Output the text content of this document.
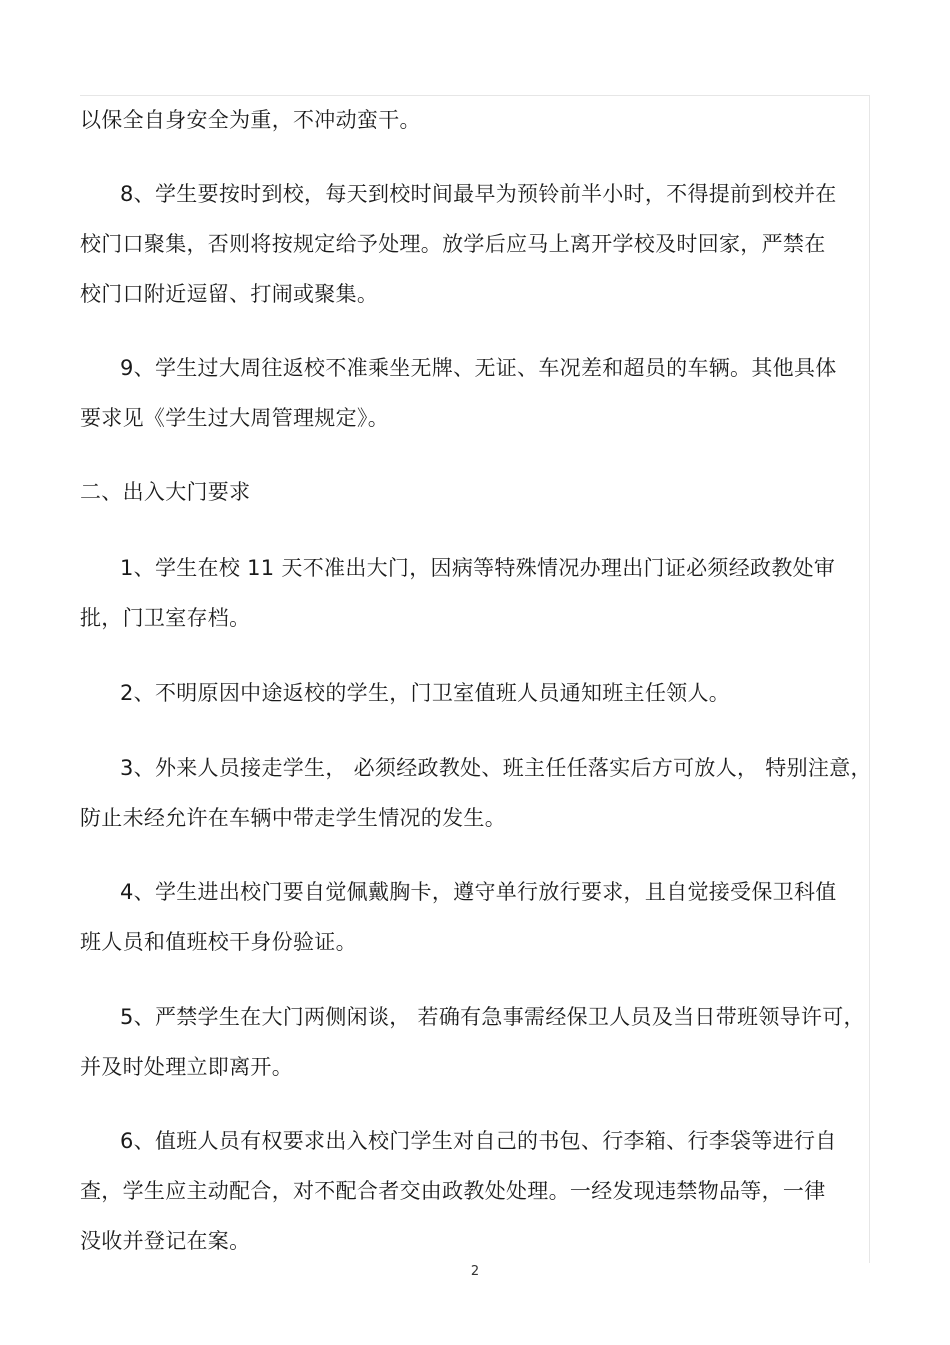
以保全自身安全为重，不冲动蛮干。
8、学生要按时到校，每天到校时间最早为预铃前半小时，不得提前到校并在
校门口聚集，否则将按规定给予处理。放学后应马上离开学校及时回家，严禁在
校门口附近逗留、打闹或聚集。
9、学生过大周往返校不准乘坐无牌、无证、车况差和超员的车辆。其他具体
要求见《学生过大周管理规定》。
二、出入大门要求
1、学生在校 11 天不准出大门，因病等特殊情况办理出门证必须经政教处审
批，门卫室存档。
2、不明原因中途返校的学生，门卫室值班人员通知班主任领人。
3、外来人员接走学生， 必须经政教处、班主任任落实后方可放人， 特别注意，
防止未经允许在车辆中带走学生情况的发生。
4、学生进出校门要自觉佩戴胸卡，遵守单行放行要求，且自觉接受保卫科值
班人员和值班校干身份验证。
5、严禁学生在大门两侧闲谈， 若确有急事需经保卫人员及当日带班领导许可，
并及时处理立即离开。
6、值班人员有权要求出入校门学生对自己的书包、行李箱、行李袋等进行自
查，学生应主动配合，对不配合者交由政教处处理。一经发现违禁物品等，一律
没收并登记在案。
2
